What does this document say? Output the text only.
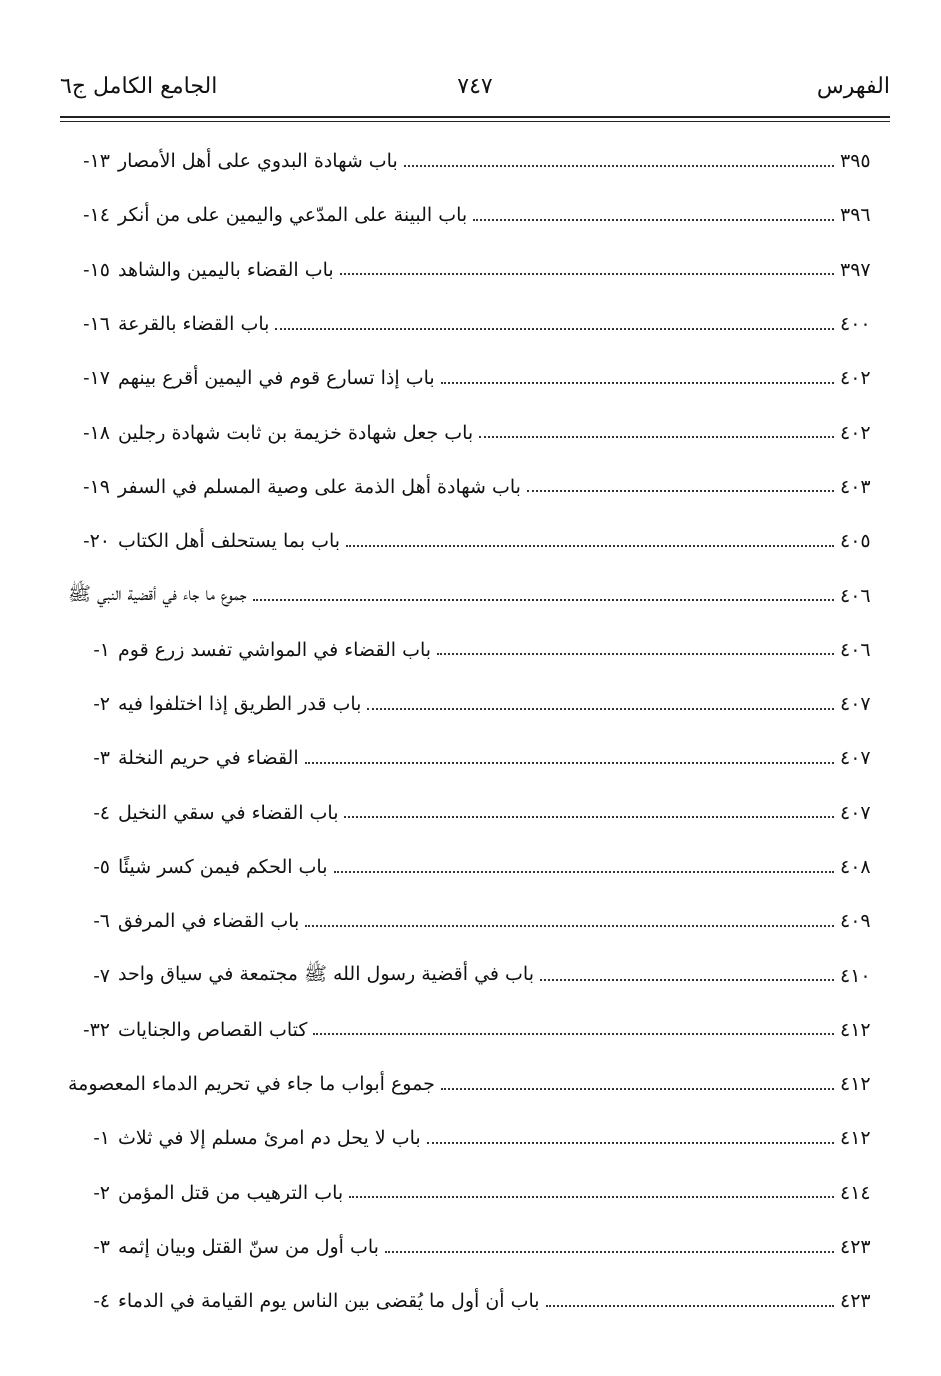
الفهرس
٧٤٧
الجامع الكامل ج٦
١٣- باب شهادة البدوي على أهل الأمصار	٣٩٥
١٤- باب البينة على المدّعي واليمين على من أنكر	٣٩٦
١٥- باب القضاء باليمين والشاهد	٣٩٧
١٦- باب القضاء بالقرعة	٤٠٠
١٧- باب إذا تسارع قوم في اليمين أقرع بينهم	٤٠٢
١٨- باب جعل شهادة خزيمة بن ثابت شهادة رجلين	٤٠٢
١٩- باب شهادة أهل الذمة على وصية المسلم في السفر	٤٠٣
٢٠- باب بما يستحلف أهل الكتاب	٤٠٥
جموع ما جاء في أقضية النبي ﷺ	٤٠٦
١- باب القضاء في المواشي تفسد زرع قوم	٤٠٦
٢- باب قدر الطريق إذا اختلفوا فيه	٤٠٧
٣- القضاء في حريم النخلة	٤٠٧
٤- باب القضاء في سقي النخيل	٤٠٧
٥- باب الحكم فيمن كسر شيئًا	٤٠٨
٦- باب القضاء في المرفق	٤٠٩
٧- باب في أقضية رسول الله ﷺ مجتمعة في سياق واحد	٤١٠
٣٢- كتاب القصاص والجنايات	٤١٢
جموع أبواب ما جاء في تحريم الدماء المعصومة	٤١٢
١- باب لا يحل دم امرئ مسلم إلا في ثلاث	٤١٢
٢- باب الترهيب من قتل المؤمن	٤١٤
٣- باب أول من سنّ القتل وبيان إثمه	٤٢٣
٤- باب أن أول ما يُقضى بين الناس يوم القيامة في الدماء	٤٢٣
